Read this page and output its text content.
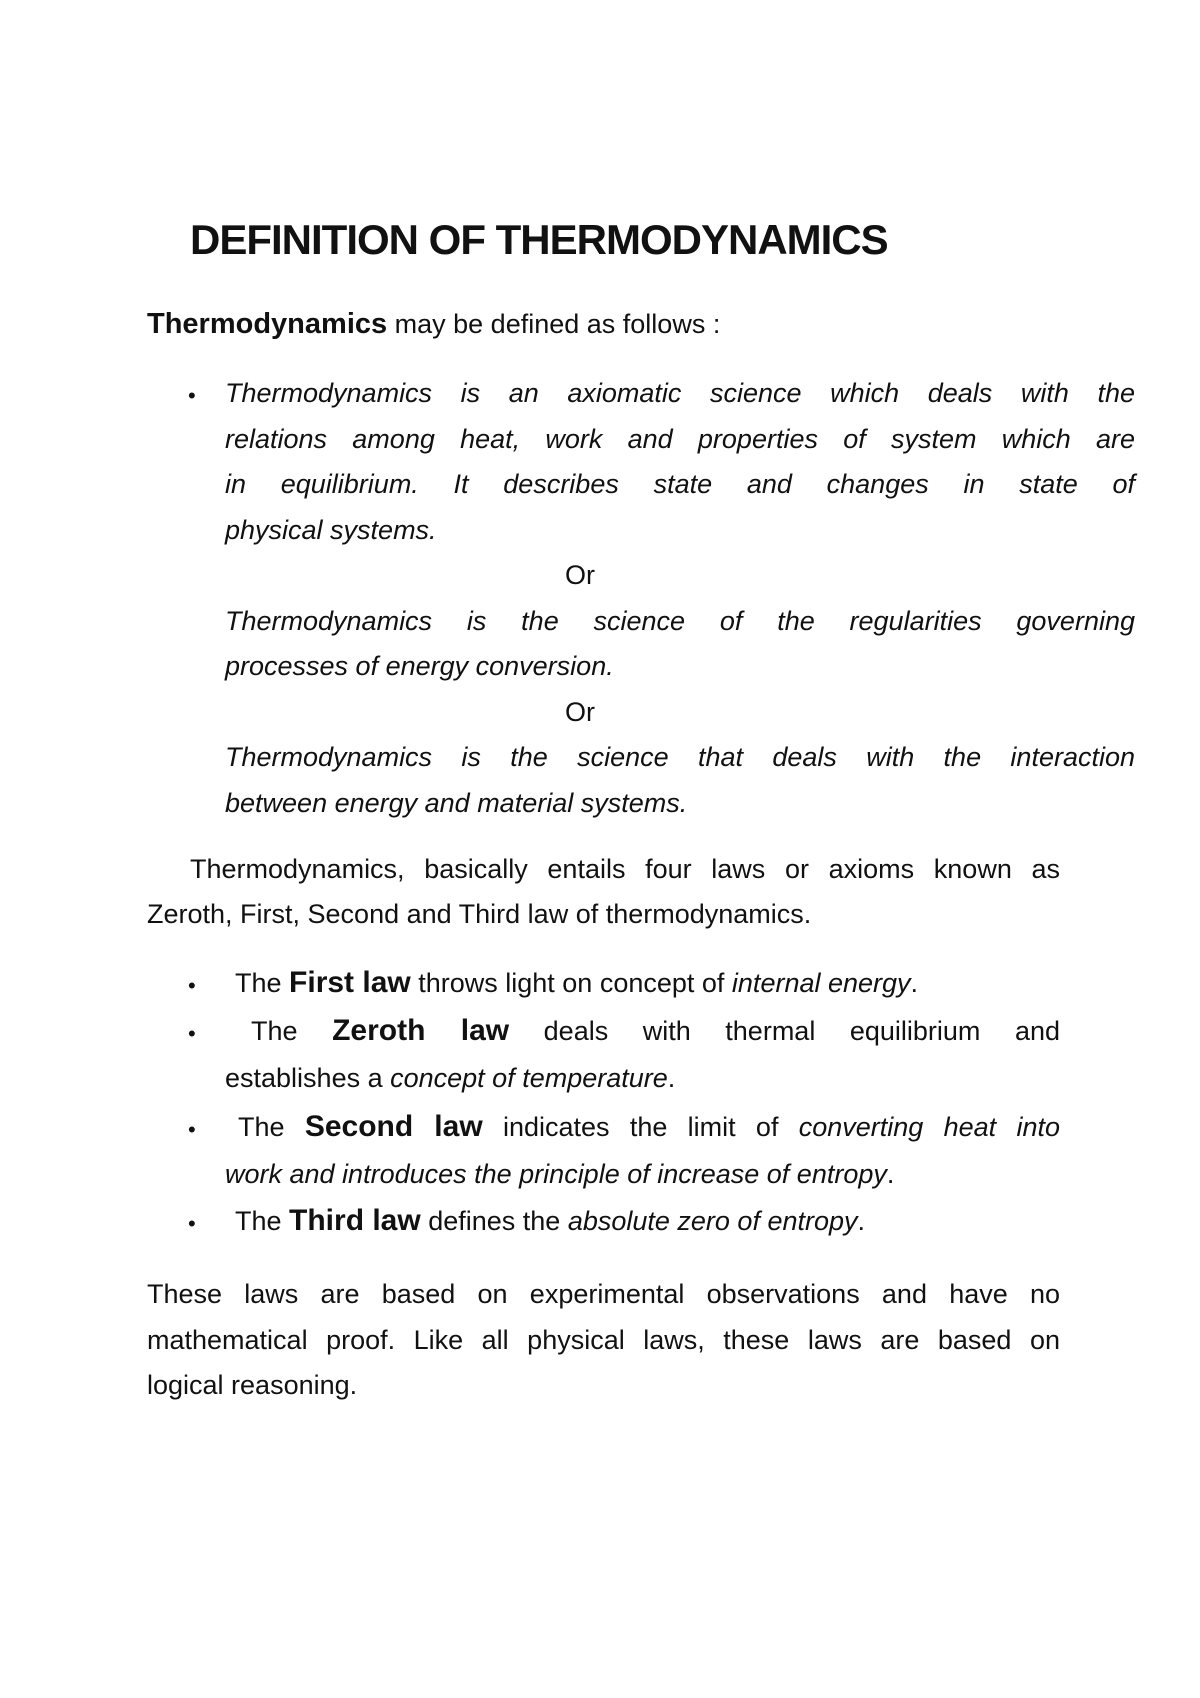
DEFINITION OF THERMODYNAMICS
Thermodynamics may be defined as follows :
• Thermodynamics is an axiomatic science which deals with the
relations among heat, work and properties of system which are
in equilibrium. It describes state and changes in state of
physical systems.
Or
Thermodynamics is the science of the regularities governing
processes of energy conversion.
Or
Thermodynamics is the science that deals with the interaction
between energy and material systems.
Thermodynamics, basically entails four laws or axioms known as
Zeroth, First, Second and Third law of thermodynamics.
• The First law throws light on concept of internal energy.
• The Zeroth law deals with thermal equilibrium and
establishes a concept of temperature.
• The Second law indicates the limit of converting heat into
work and introduces the principle of increase of entropy.
• The Third law defines the absolute zero of entropy.
These laws are based on experimental observations and have no
mathematical proof. Like all physical laws, these laws are based on
logical reasoning.
